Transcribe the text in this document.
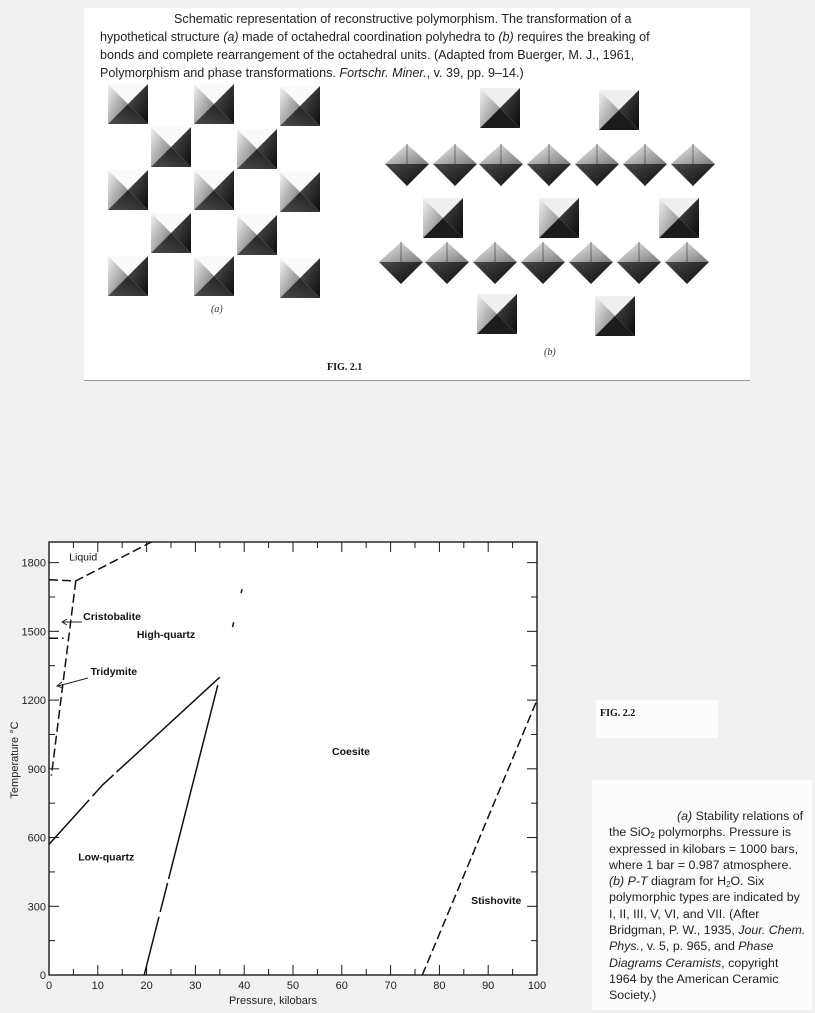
Schematic representation of reconstructive polymorphism. The transformation of a hypothetical structure (a) made of octahedral coordination polyhedra to (b) requires the breaking of bonds and complete rearrangement of the octahedral units. (Adapted from Buerger, M. J., 1961, Polymorphism and phase transformations. Fortschr. Miner., v. 39, pp. 9–14.)

(a)
(b)
FIG. 2.1
0	10	20	30	40	50	60	70	80	90	100
0
300
600
900
1200
1500
1800
Liquid
Cristobalite
High-quartz
Tridymite
Coesite
Low-quartz
Stishovite
Pressure, kilobars
Temperature °C
FIG. 2.2

(a) Stability relations of the SiO$_2$ polymorphs. Pressure is expressed in kilobars = 1000 bars, where 1 bar = 0.987 atmosphere. (b) P-T diagram for $H_2O$. Six polymorphic types are indicated by I, II, III, V, VI, and VII. (After Bridgman, P. W., 1935, Jour. Chem. Phys., v. 5, p. 965, and Phase Diagrams Ceramists, copyright 1964 by the American Ceramic Society.)
